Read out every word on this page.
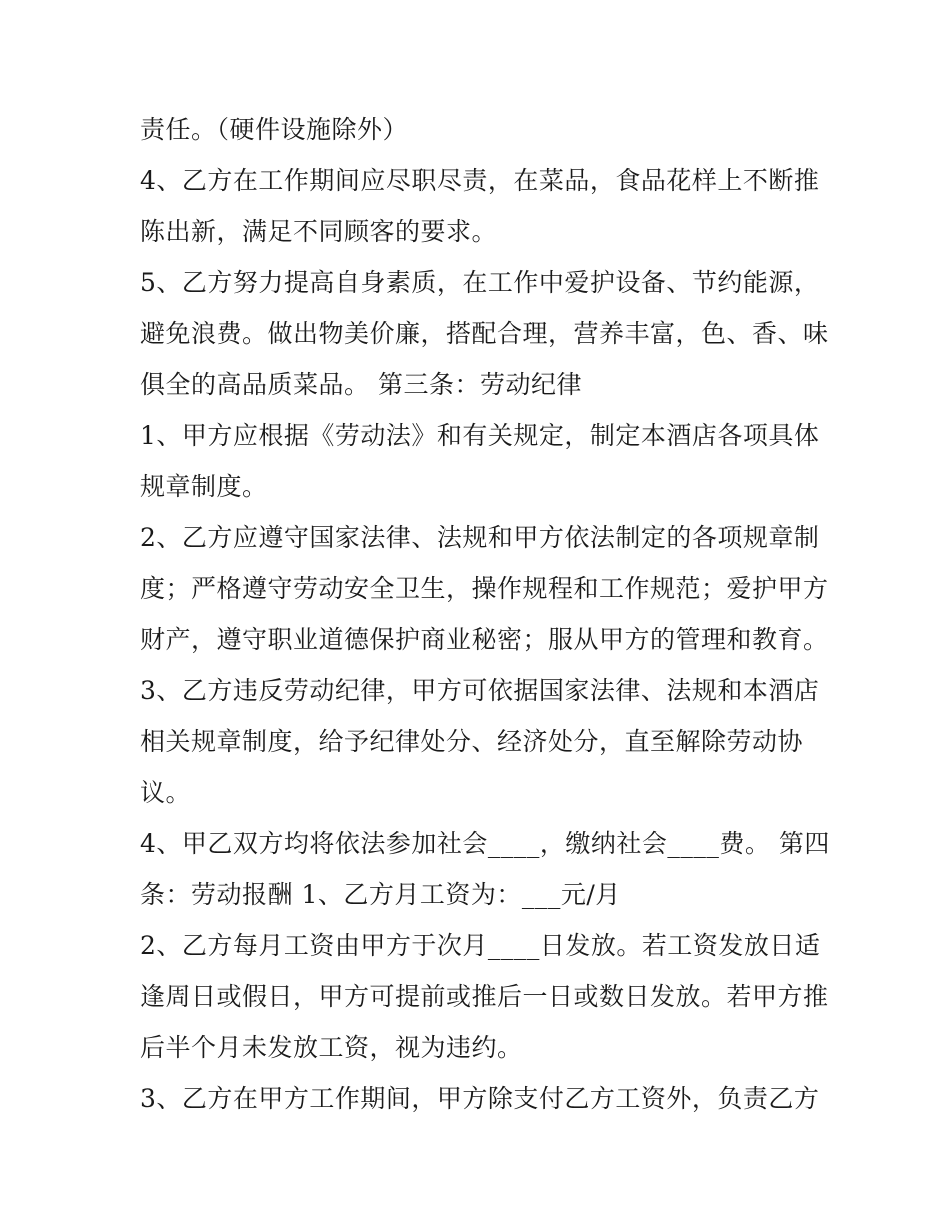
责任。（硬件设施除外）
4、乙方在工作期间应尽职尽责，在菜品，食品花样上不断推
陈出新，满足不同顾客的要求。
5、乙方努力提高自身素质，在工作中爱护设备、节约能源，
避免浪费。做出物美价廉，搭配合理，营养丰富，色、香、味
俱全的高品质菜品。 第三条：劳动纪律
1、甲方应根据《劳动法》和有关规定，制定本酒店各项具体
规章制度。
2、乙方应遵守国家法律、法规和甲方依法制定的各项规章制
度；严格遵守劳动安全卫生，操作规程和工作规范；爱护甲方
财产，遵守职业道德保护商业秘密；服从甲方的管理和教育。
3、乙方违反劳动纪律，甲方可依据国家法律、法规和本酒店
相关规章制度，给予纪律处分、经济处分，直至解除劳动协
议。
4、甲乙双方均将依法参加社会____，缴纳社会____费。 第四
条：劳动报酬 1、乙方月工资为：___元/月
2、乙方每月工资由甲方于次月____日发放。若工资发放日适
逢周日或假日，甲方可提前或推后一日或数日发放。若甲方推
后半个月未发放工资，视为违约。
3、乙方在甲方工作期间，甲方除支付乙方工资外，负责乙方
